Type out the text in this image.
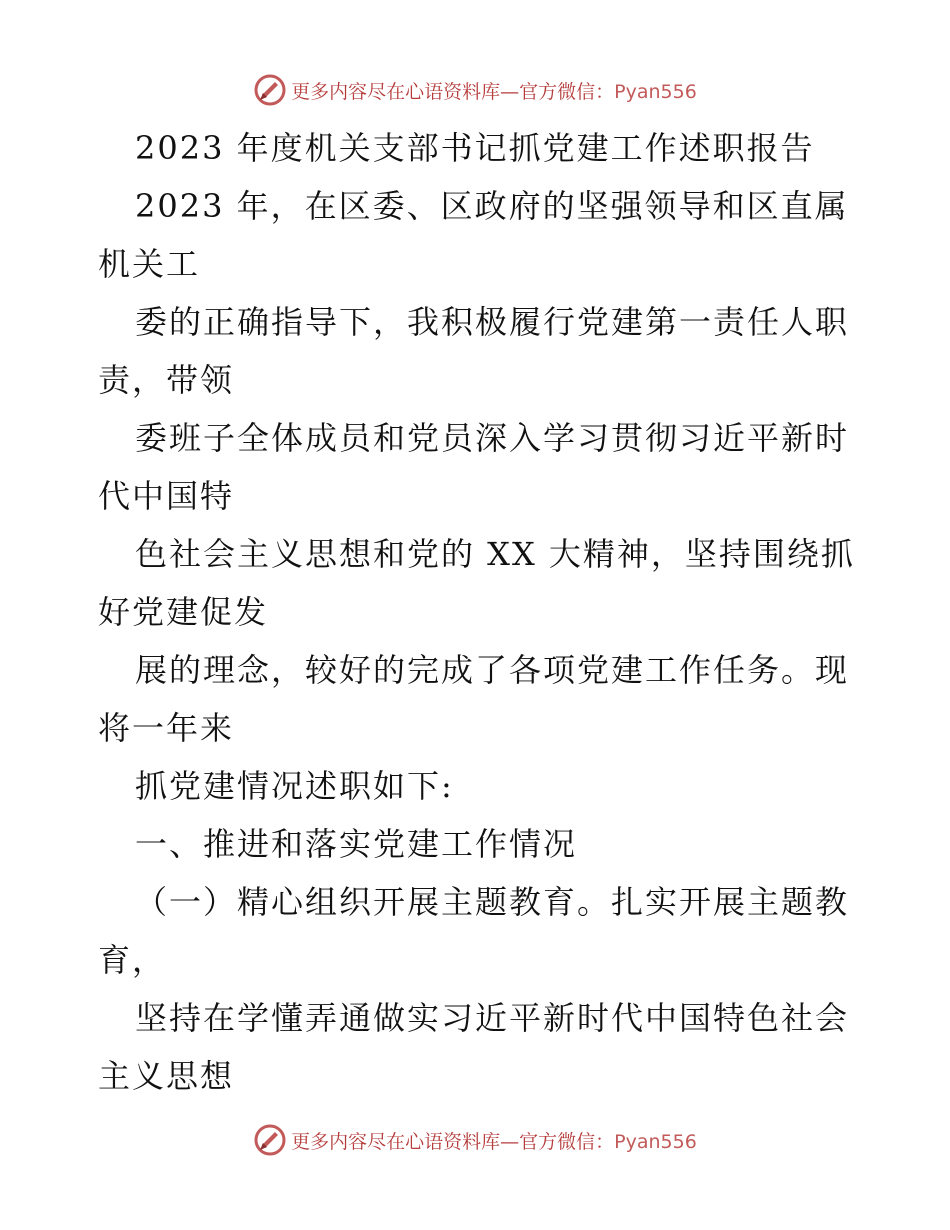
更多内容尽在心语资料库—官方微信：Pyan556
2023 年度机关支部书记抓党建工作述职报告
2023 年，在区委、区政府的坚强领导和区直属
机关工
委的正确指导下，我积极履行党建第一责任人职
责，带领
委班子全体成员和党员深入学习贯彻习近平新时
代中国特
色社会主义思想和党的 XX 大精神，坚持围绕抓
好党建促发
展的理念，较好的完成了各项党建工作任务。现
将一年来
抓党建情况述职如下:
一、推进和落实党建工作情况
（一）精心组织开展主题教育。扎实开展主题教
育，
坚持在学懂弄通做实习近平新时代中国特色社会
主义思想
更多内容尽在心语资料库—官方微信：Pyan556
